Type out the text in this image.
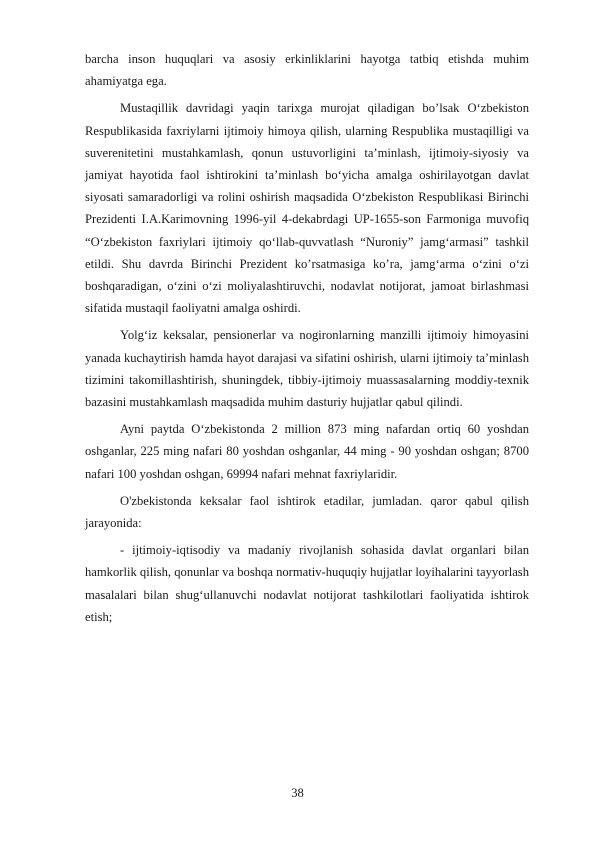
barcha inson huquqlari va asosiy erkinliklarini hayotga tatbiq etishda muhim ahamiyatga ega.

Mustaqillik davridagi yaqin tarixga murojat qiladigan bo’lsak O‘zbekiston Respublikasida faxriylarni ijtimoiy himoya qilish, ularning Respublika mustaqilligi va suverenitetini mustahkamlash, qonun ustuvorligini ta’minlash, ijtimoiy-siyosiy va jamiyat hayotida faol ishtirokini ta’minlash bo‘yicha amalga oshirilayotgan davlat siyosati samaradorligi va rolini oshirish maqsadida O‘zbekiston Respublikasi Birinchi Prezidenti I.A.Karimovning 1996-yil 4-dekabrdagi UP-1655-son Farmoniga muvofiq “O‘zbekiston faxriylari ijtimoiy qo‘llab-quvvatlash “Nuroniy” jamg‘armasi” tashkil etildi. Shu davrda Birinchi Prezident ko’rsatmasiga ko’ra, jamg‘arma o‘zini o‘zi boshqaradigan, o‘zini o‘zi moliyalashtiruvchi, nodavlat notijorat, jamoat birlashmasi sifatida mustaqil faoliyatni amalga oshirdi.

Yolg‘iz keksalar, pensionerlar va nogironlarning manzilli ijtimoiy himoyasini yanada kuchaytirish hamda hayot darajasi va sifatini oshirish, ularni ijtimoiy ta’minlash tizimini takomillashtirish, shuningdek, tibbiy-ijtimoiy muassasalarning moddiy-texnik bazasini mustahkamlash maqsadida muhim dasturiy hujjatlar qabul qilindi.

Ayni paytda O‘zbekistonda 2 million 873 ming nafardan ortiq 60 yoshdan oshganlar, 225 ming nafari 80 yoshdan oshganlar, 44 ming - 90 yoshdan oshgan; 8700 nafari 100 yoshdan oshgan, 69994 nafari mehnat faxriylaridir.

O'zbekistonda keksalar faol ishtirok etadilar, jumladan. qaror qabul qilish jarayonida:

- ijtimoiy-iqtisodiy va madaniy rivojlanish sohasida davlat organlari bilan hamkorlik qilish, qonunlar va boshqa normativ-huquqiy hujjatlar loyihalarini tayyorlash masalalari bilan shug‘ullanuvchi nodavlat notijorat tashkilotlari faoliyatida ishtirok etish;

38
